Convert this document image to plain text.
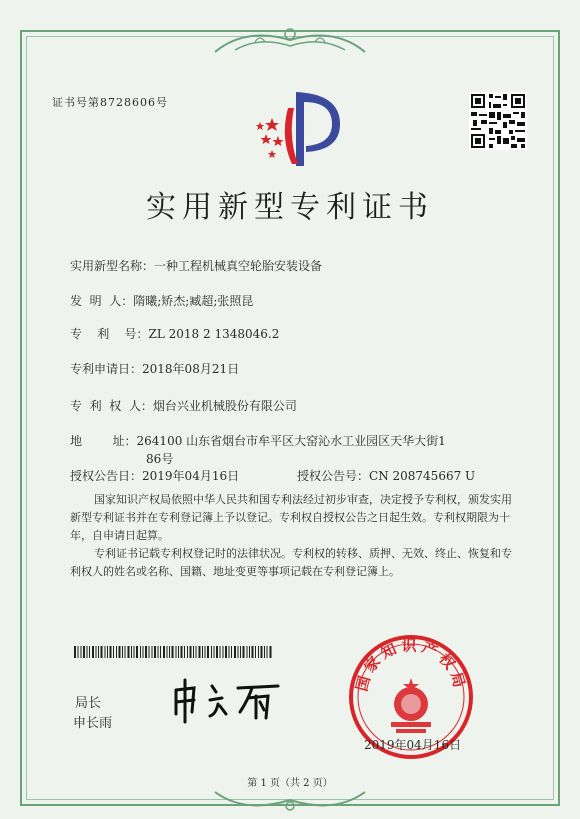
证书号第8728606号
实用新型专利证书
实用新型名称：一种工程机械真空轮胎安装设备
发  明  人：隋曦;矫杰;臧超;张照昆
专    利    号：ZL 2018 2 1348046.2
专利申请日：2018年08月21日
专  利  权  人：烟台兴业机械股份有限公司
地        址：264100 山东省烟台市牟平区大窑沁水工业园区天华大街1
86号
授权公告日：2019年04月16日	授权公告号：CN 208745667 U
国家知识产权局依照中华人民共和国专利法经过初步审查，决定授予专利权，颁发实用新型专利证书并在专利登记簿上予以登记。专利权自授权公告之日起生效。专利权期限为十年，自申请日起算。
专利证书记载专利权登记时的法律状况。专利权的转移、质押、无效、终止、恢复和专利权人的姓名或名称、国籍、地址变更等事项记载在专利登记簿上。
局长
申长雨
国家知识产权局
2019年04月16日
第 1 页（共 2 页）
